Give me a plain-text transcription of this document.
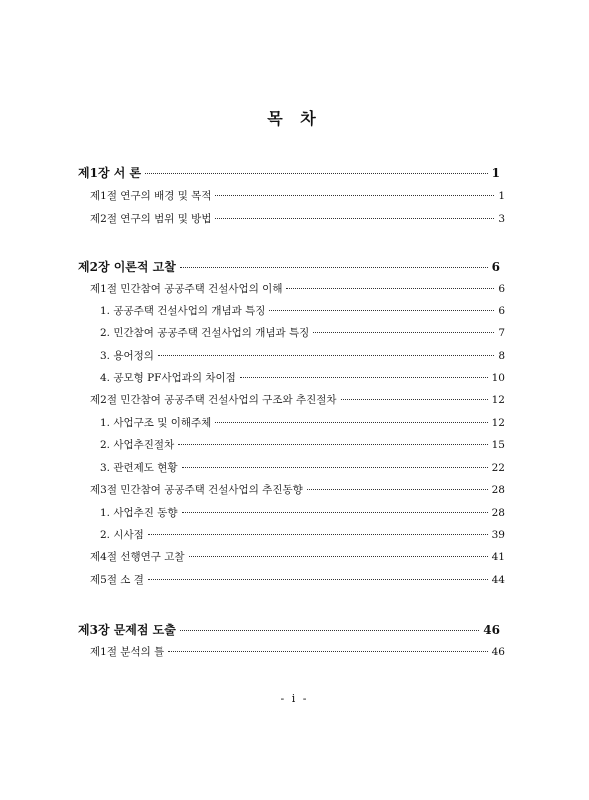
목 차
제1장 서 론	1
제1절 연구의 배경 및 목적	1
제2절 연구의 범위 및 방법	3
제2장 이론적 고찰	6
제1절 민간참여 공공주택 건설사업의 이해	6
1. 공공주택 건설사업의 개념과 특징	6
2. 민간참여 공공주택 건설사업의 개념과 특징	7
3. 용어정의	8
4. 공모형 PF사업과의 차이점	10
제2절 민간참여 공공주택 건설사업의 구조와 추진절차	12
1. 사업구조 및 이해주체	12
2. 사업추진절차	15
3. 관련제도 현황	22
제3절 민간참여 공공주택 건설사업의 추진동향	28
1. 사업추진 동향	28
2. 시사점	39
제4절 선행연구 고찰	41
제5절 소 결	44
제3장 문제점 도출	46
제1절 분석의 틀	46
- i -
